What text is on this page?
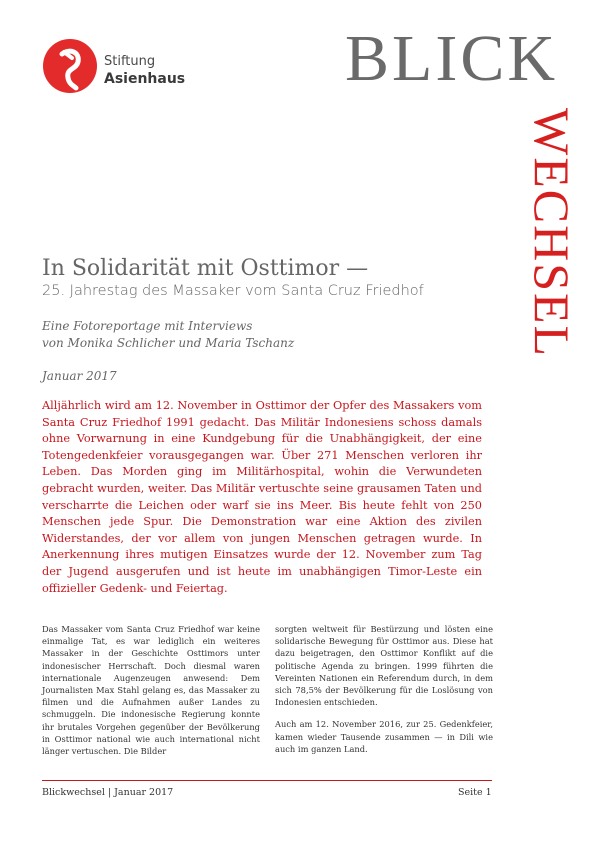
Stiftung
Asienhaus BLICK
WECHSEL
In Solidarität mit Osttimor —
25. Jahrestag des Massaker vom Santa Cruz Friedhof
Eine Fotoreportage mit Interviews
von Monika Schlicher und Maria Tschanz
Januar 2017
Alljährlich wird am 12. November in Osttimor der Opfer des Massakers vom Santa Cruz Friedhof 1991 gedacht. Das Militär Indonesiens schoss damals ohne Vorwarnung in eine Kundgebung für die Unabhängigkeit, der eine Totengedenkfeier vorausgegangen war. Über 271 Menschen verloren ihr Leben. Das Morden ging im Militärhospital, wohin die Verwundeten gebracht wurden, weiter. Das Militär vertuschte seine grausamen Taten und verscharrte die Leichen oder warf sie ins Meer. Bis heute fehlt von 250 Menschen jede Spur. Die Demonstration war eine Aktion des zivilen Widerstandes, der vor allem von jungen Menschen getragen wurde. In Anerkennung ihres mutigen Einsatzes wurde der 12. November zum Tag der Jugend ausgerufen und ist heute im unabhängigen Timor-Leste ein offizieller Gedenk- und Feiertag.

Das Massaker vom Santa Cruz Friedhof war keine einmalige Tat, es war lediglich ein weiteres Massaker in der Geschichte Osttimors unter indonesischer Herrschaft. Doch diesmal waren internationale Augenzeugen anwesend: Dem Journalisten Max Stahl gelang es, das Massaker zu filmen und die Aufnahmen außer Landes zu schmuggeln. Die indonesische Regierung konnte ihr brutales Vorgehen gegenüber der Bevölkerung in Osttimor national wie auch international nicht länger vertuschen. Die Bilder

sorgten weltweit für Bestürzung und lösten eine solidarische Bewegung für Osttimor aus. Diese hat dazu beigetragen, den Osttimor Konflikt auf die politische Agenda zu bringen. 1999 führten die Vereinten Nationen ein Referendum durch, in dem sich 78,5% der Bevölkerung für die Loslösung von Indonesien entschieden.

Auch am 12. November 2016, zur 25. Gedenkfeier, kamen wieder Tausende zusammen — in Dili wie auch im ganzen Land.

Blickwechsel | Januar 2017	Seite 1
